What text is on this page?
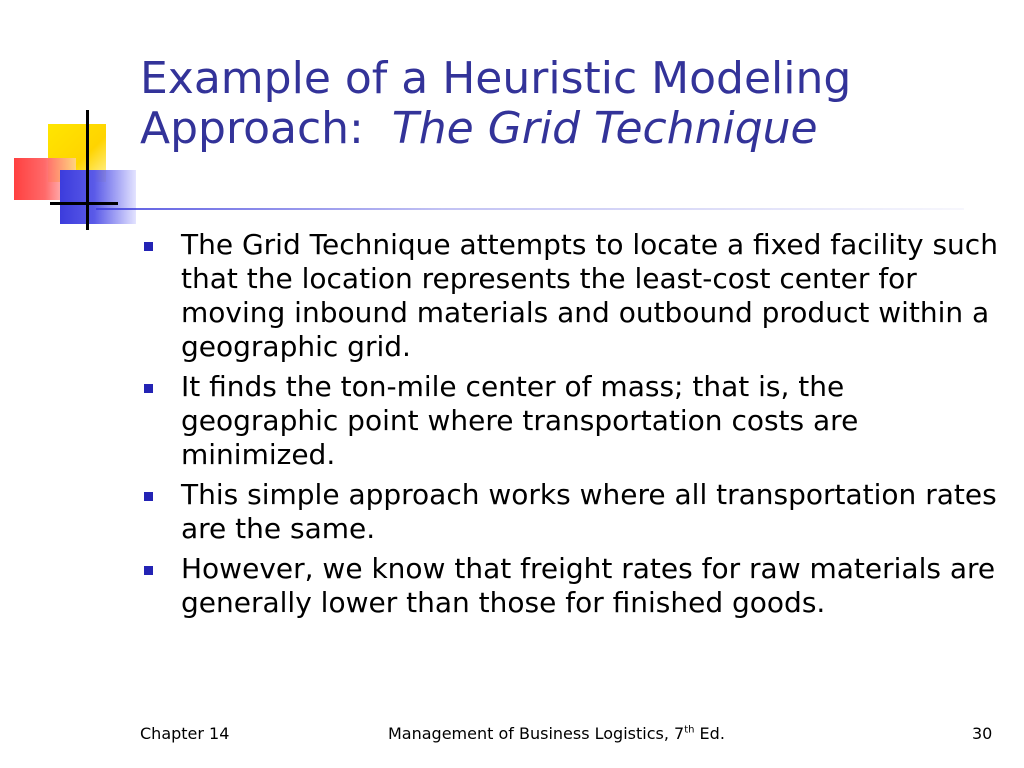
Example of a Heuristic Modeling
Approach: The Grid Technique
The Grid Technique attempts to locate a fixed facility such that the location represents the least-cost center for moving inbound materials and outbound product within a geographic grid.
It finds the ton-mile center of mass; that is, the geographic point where transportation costs are minimized.
This simple approach works where all transportation rates are the same.
However, we know that freight rates for raw materials are generally lower than those for finished goods.
Chapter 14	Management of Business Logistics, 7th Ed.	30
